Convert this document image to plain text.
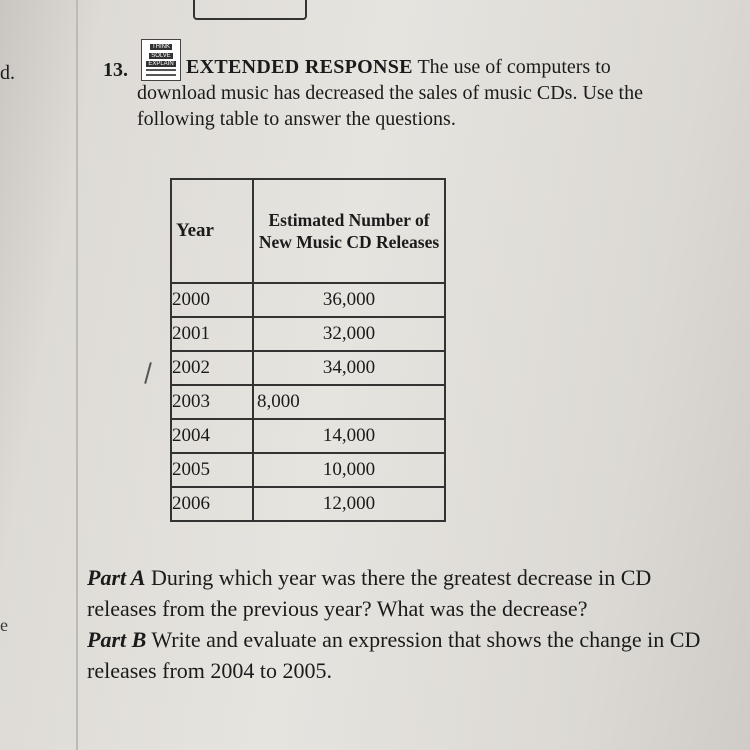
d.
e
13.
THINK
SOLVE
EXPLAIN EXTENDED RESPONSE The use of computers to download music has decreased the sales of music CDs. Use the following table to answer the questions.
Year	Estimated Number of New Music CD Releases
2000	36,000
2001	32,000
2002	34,000
2003	8,000
2004	14,000
2005	10,000
2006	12,000

Part A During which year was there the greatest decrease in CD releases from the previous year? What was the decrease?

Part B Write and evaluate an expression that shows the change in CD releases from 2004 to 2005.
